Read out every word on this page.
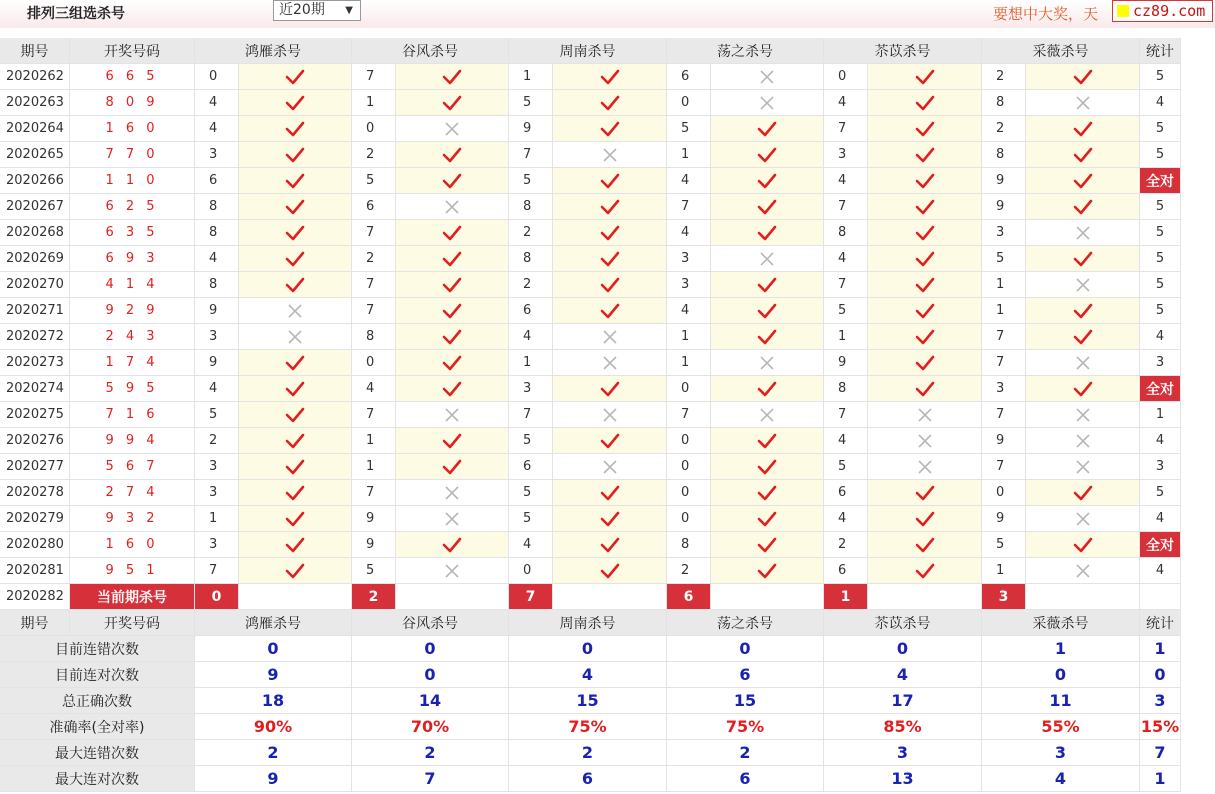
排列三组选杀号	近20期 ▼	要想中大奖，天	cz89.com
期号	开奖号码	鸿雁杀号	谷风杀号	周南杀号	荡之杀号	苶苡杀号	采薇杀号	统计
2020262	6 6 5	0	7	1	6	0	2	5
2020263	8 0 9	4	1	5	0	4	8	4
2020264	1 6 0	4	0	9	5	7	2	5
2020265	7 7 0	3	2	7	1	3	8	5
2020266	1 1 0	6	5	5	4	4	9	全对
2020267	6 2 5	8	6	8	7	7	9	5
2020268	6 3 5	8	7	2	4	8	3	5
2020269	6 9 3	4	2	8	3	4	5	5
2020270	4 1 4	8	7	2	3	7	1	5
2020271	9 2 9	9	7	6	4	5	1	5
2020272	2 4 3	3	8	4	1	1	7	4
2020273	1 7 4	9	0	1	1	9	7	3
2020274	5 9 5	4	4	3	0	8	3	全对
2020275	7 1 6	5	7	7	7	7	7	1
2020276	9 9 4	2	1	5	0	4	9	4
2020277	5 6 7	3	1	6	0	5	7	3
2020278	2 7 4	3	7	5	0	6	0	5
2020279	9 3 2	1	9	5	0	4	9	4
2020280	1 6 0	3	9	4	8	2	5	全对
2020281	9 5 1	7	5	0	2	6	1	4
2020282	当前期杀号	0	2	7	6	1	3
期号	开奖号码	鸿雁杀号	谷风杀号	周南杀号	荡之杀号	苶苡杀号	采薇杀号	统计
目前连错次数	0	0	0	0	0	1	1
目前连对次数	9	0	4	6	4	0	0
总正确次数	18	14	15	15	17	11	3
准确率(全对率)	90%	70%	75%	75%	85%	55%	15%
最大连错次数	2	2	2	2	3	3	7
最大连对次数	9	7	6	6	13	4	1
